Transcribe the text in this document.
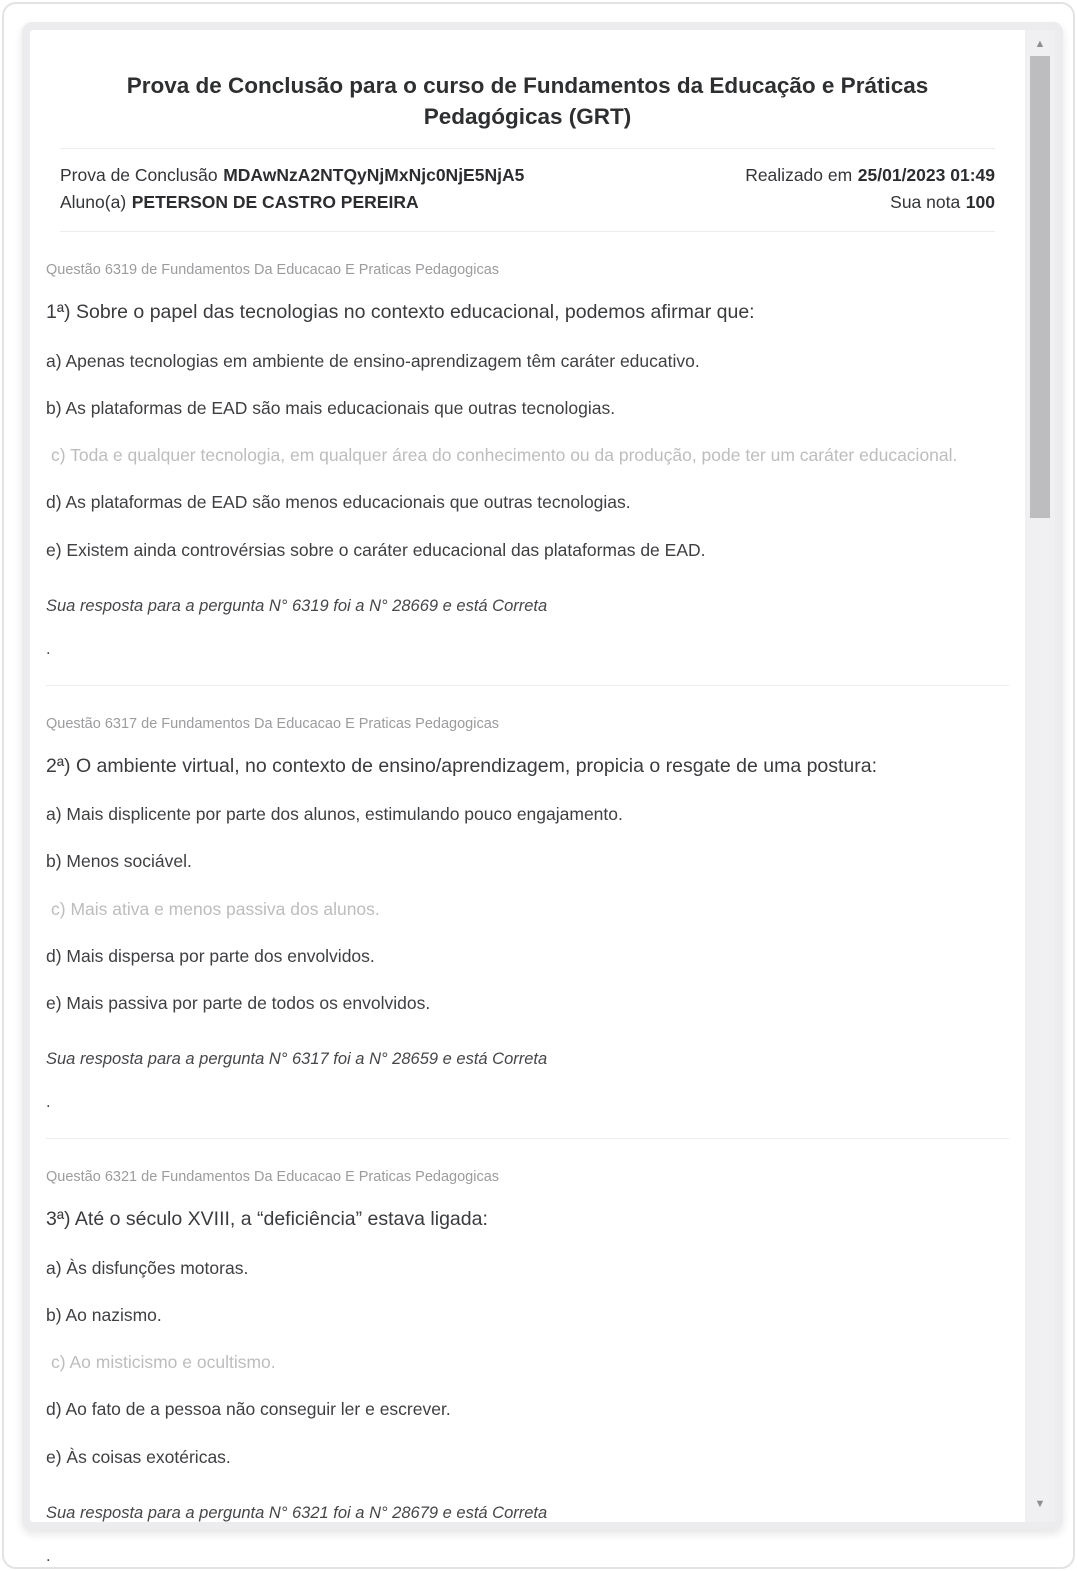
Prova de Conclusão para o curso de Fundamentos da Educação e Práticas Pedagógicas (GRT)
Prova de Conclusão MDAwNzA2NTQyNjMxNjc0NjE5NjA5
Aluno(a) PETERSON DE CASTRO PEREIRA
Realizado em 25/01/2023 01:49
Sua nota 100

Questão 6319 de Fundamentos Da Educacao E Praticas Pedagogicas

1ª) Sobre o papel das tecnologias no contexto educacional, podemos afirmar que:

a) Apenas tecnologias em ambiente de ensino-aprendizagem têm caráter educativo.

b) As plataformas de EAD são mais educacionais que outras tecnologias.

c) Toda e qualquer tecnologia, em qualquer área do conhecimento ou da produção, pode ter um caráter educacional.

d) As plataformas de EAD são menos educacionais que outras tecnologias.

e) Existem ainda controvérsias sobre o caráter educacional das plataformas de EAD.

Sua resposta para a pergunta N° 6319 foi a N° 28669 e está Correta

.

Questão 6317 de Fundamentos Da Educacao E Praticas Pedagogicas

2ª) O ambiente virtual, no contexto de ensino/aprendizagem, propicia o resgate de uma postura:

a) Mais displicente por parte dos alunos, estimulando pouco engajamento.

b) Menos sociável.

c) Mais ativa e menos passiva dos alunos.

d) Mais dispersa por parte dos envolvidos.

e) Mais passiva por parte de todos os envolvidos.

Sua resposta para a pergunta N° 6317 foi a N° 28659 e está Correta

.

Questão 6321 de Fundamentos Da Educacao E Praticas Pedagogicas

3ª) Até o século XVIII, a “deficiência” estava ligada:

a) Às disfunções motoras.

b) Ao nazismo.

c) Ao misticismo e ocultismo.

d) Ao fato de a pessoa não conseguir ler e escrever.

e) Às coisas exotéricas.

Sua resposta para a pergunta N° 6321 foi a N° 28679 e está Correta

.

▲
▼
